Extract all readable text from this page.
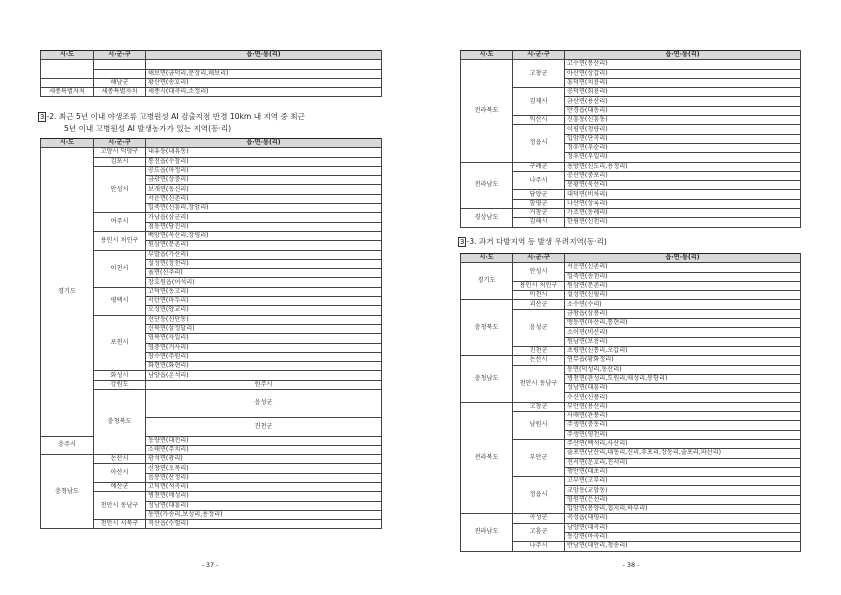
시·도	시·군·구	읍·면·동(리)

		해보면(금덕리,문장리,해보리)
	해남군	황산면(송호리)
세종특별자치	세종특별자치	세종시(대곡리,소정리)
3 -2. 최근 5년 이내 야생조류 고병원성 AI 검출지점 반경 10km 내 지역 중 최근
5년 이내 고병원성 AI 발생농가가 있는 지역(동·리)
시·도	시·군·구	읍·면·동(리)	
경기도	고양시 덕양구	내유동(내유동)	
	김포시	통진읍(수참리)	
	안성시	공도읍(마정리)	
		금광면(상중리)	
		보개면(동신리)	
		서운면(신촌리)	
		일죽면(신흥리,장암리)	
	여주시	가남읍(삼군리)	
		점동면(당진리)	
	용인시 처인구	백암면(옥산리,장평리)	
		원삼면(문촌리)	
	이천시	부발읍(가산리)	
		설성면(장천리)	
		율면(신추리)	
		장호원읍(어석리)	
	평택시	고덕면(동고리)	
		서탄면(마두리)	
		오성면(양교리)	
	포천시	선단동(선단동)	
		신북면(삼정달리)	
		영북면(자일리)	
		영중면(거사리)	
		창수면(주원리)	
		화현면(화현리)	
	화성시	남양읍(온석리)	
	강원도	원주시	
	충청북도	음성군	

		진천군	

충주시		동량면(대전리)	
		소태면(주치리)	
충청남도	논산시	광석면(광리)	
	아산시	신창면(오목리)	
		음봉면(산정리)	
	예산군	고덕면(석곡리)	
	천안시 동남구	병천면(매성리)	
		성남면(대흥리)	
		동면(가송리,보성리,용정리)	
	천안시 서북구	직산읍(수헐리)	
- 37 -
시·도	시·군·구	읍·면·동(리)
전라북도	고창군	고수면(봉산리)
		아산면(상갑리)
		흥덕면(치룡리)
	김제시	공덕면(회룡리)
		금산면(용산리)
		만경읍(대동리)
	익산시	신흥동(신흥동)
	정읍시	이평면(청량리)
		입암면(단곡리)
		정우면(우순리)
		정우면(우일리)
전라남도	구례군	용방면(신도리,용정리)
	나주시	공산면(중포리)
		봉황면(욱산리)
	담양군	대덕면(비차리)
	함평군	나산면(상록리)
경상남도	거창군	가조면(동례리)
	김해시	한림면(신천리)
3 -3. 과거 다발지역 등 발생 우려지역(동·리)
시·도	시·군·구	읍·면·동(리)
경기도	안성시	서운면(신촌리)
		일죽면(송천리)
	용인시 처인구	원삼면(문촌리)
	이천시	설성면(신필리)
충청북도	괴산군	소수면(수리)
	음성군	금왕읍(삼봉리)
		맹동면(마산리,통현리)
		소이면(비산리)
		원남면(보룡리)
	진천군	초평면(신통리,오갑리)
충청남도	논산시	연무읍(황화정리)
	천안시 동남구	동면(덕성리,동산리)
		병천면(관성리,도원리,매성리,봉항리)
		성남면(대흥리)
		수신면(신풍리)
전라북도	고창군	부안면(용산리)
	남원시	사매면(관풍리)
		주생면(중동리)
		주생면(영천리)
	부안군	주산면(백석리,사산리)
		줄포면(난산리,대동리,신리,우포리,장동리,줄포리,파산리)
		진서면(운호리,진서리)
		행안면(대초리)
	정읍시	고부면(고부리)
		교암동(교암동)
		영원면(은선리)
		입암면(봉양리,접지리,하부리)
전라남도	곡성군	곡성읍(대평리)
	고흥군	남양면(대곡리)
		동강면(마곡리)
	나주시	반남면(대안리,청송리)
- 38 -
